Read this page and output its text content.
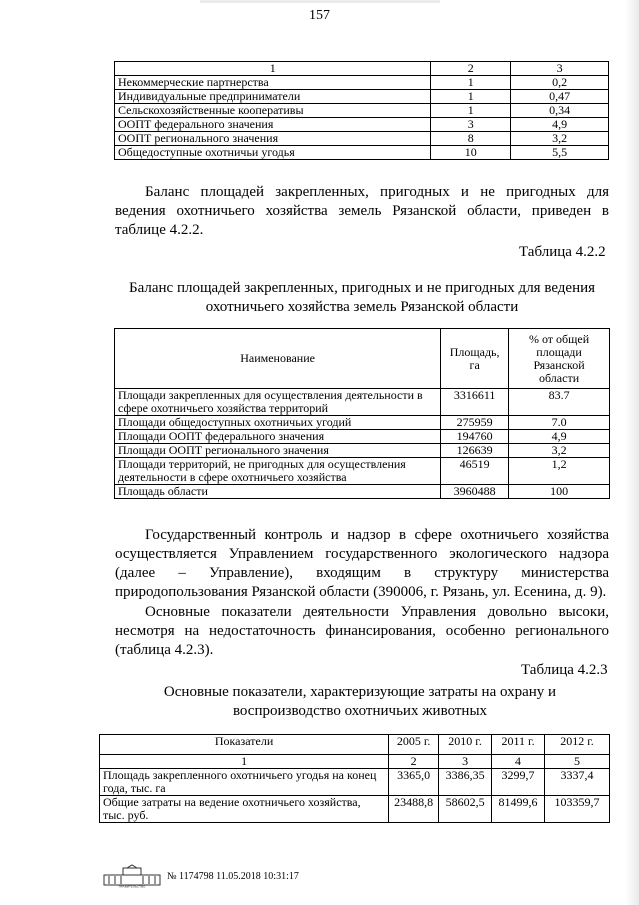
157
1	2	3
Некоммерческие партнерства	1	0,2
Индивидуальные предприниматели	1	0,47
Сельскохозяйственные кооперативы	1	0,34
ООПТ федерального значения	3	4,9
ООПТ регионального значения	8	3,2
Общедоступные охотничьи угодья	10	5,5
Баланс площадей закрепленных, пригодных и не пригодных для ведения охотничьего хозяйства земель Рязанской области, приведен в таблице 4.2.2.
Таблица 4.2.2
Баланс площадей закрепленных, пригодных и не пригодных для ведения охотничьего хозяйства земель Рязанской области
Наименование	Площадь, га	% от общей площади Рязанской области
Площади закрепленных для осуществления деятельности в сфере охотничьего хозяйства территорий	3316611	83.7
Площади общедоступных охотничьих угодий	275959	7.0
Площади ООПТ федерального значения	194760	4,9
Площади ООПТ регионального значения	126639	3,2
Площади территорий, не пригодных для осуществления деятельности в сфере охотничьего хозяйства	46519	1,2
Площадь области	3960488	100
Государственный контроль и надзор в сфере охотничьего хозяйства осуществляется Управлением государственного экологического надзора (далее – Управление), входящим в структуру министерства природопользования Рязанской области (390006, г. Рязань, ул. Есенина, д. 9).
Основные показатели деятельности Управления довольно высоки, несмотря на недостаточность финансирования, особенно регионального (таблица 4.2.3).
Таблица 4.2.3
Основные показатели, характеризующие затраты на охрану и воспроизводство охотничьих животных
Показатели	2005 г.	2010 г.	2011 г.	2012 г.
1	2	3	4	5
Площадь закрепленного охотничьего угодья на конец года, тыс. га	3365,0	3386,35	3299,7	3337,4
Общие затраты на ведение охотничьего хозяйства, тыс. руб.	23488,8	58602,5	81499,6	103359,7
ПРАВИТЕЛЬСТВО
№ 1174798 11.05.2018 10:31:17
